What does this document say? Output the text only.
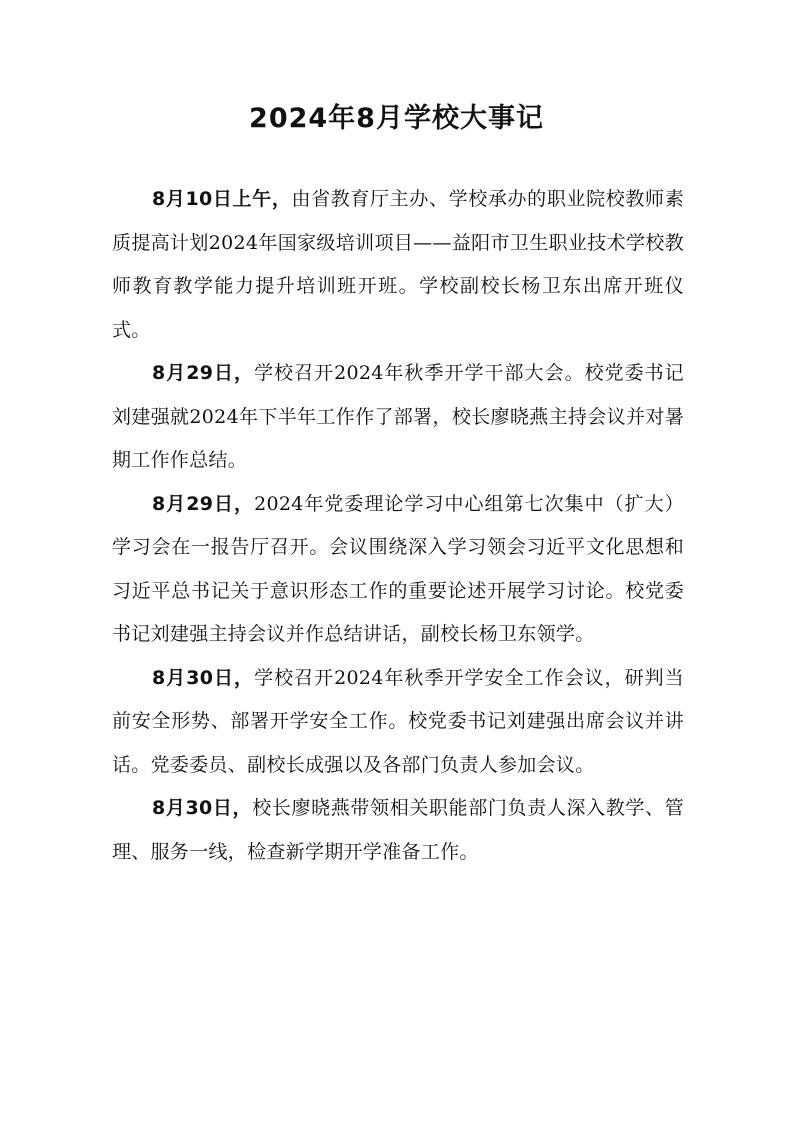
2024年8月学校大事记

8月10日上午，由省教育厅主办、学校承办的职业院校教师素质提高计划2024年国家级培训项目——益阳市卫生职业技术学校教师教育教学能力提升培训班开班。学校副校长杨卫东出席开班仪式。

8月29日，学校召开2024年秋季开学干部大会。校党委书记刘建强就2024年下半年工作作了部署，校长廖晓燕主持会议并对暑期工作作总结。

8月29日，2024年党委理论学习中心组第七次集中（扩大）学习会在一报告厅召开。会议围绕深入学习领会习近平文化思想和习近平总书记关于意识形态工作的重要论述开展学习讨论。校党委书记刘建强主持会议并作总结讲话，副校长杨卫东领学。

8月30日，学校召开2024年秋季开学安全工作会议，研判当前安全形势、部署开学安全工作。校党委书记刘建强出席会议并讲话。党委委员、副校长成强以及各部门负责人参加会议。

8月30日，校长廖晓燕带领相关职能部门负责人深入教学、管理、服务一线，检查新学期开学准备工作。
